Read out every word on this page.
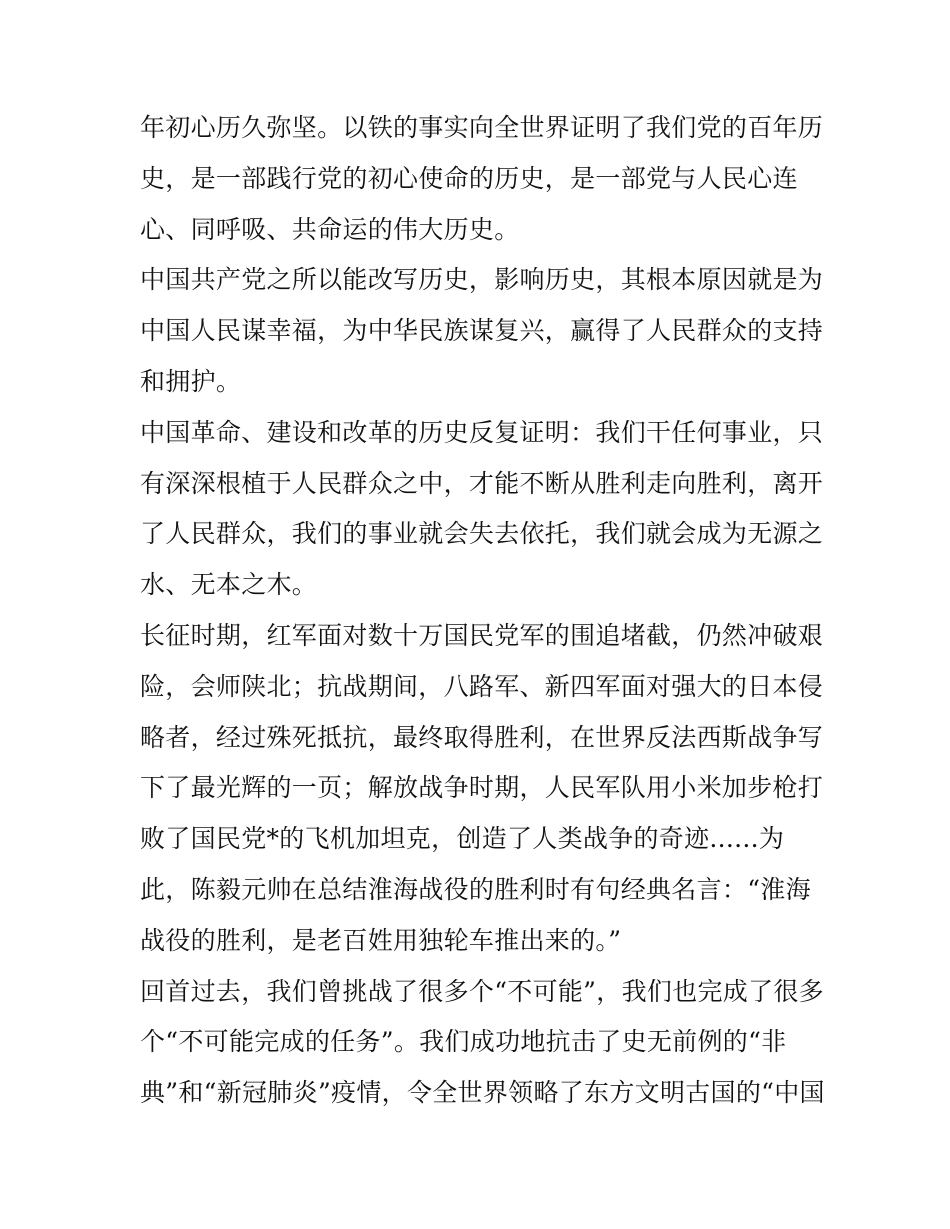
年初心历久弥坚。以铁的事实向全世界证明了我们党的百年历
史，是一部践行党的初心使命的历史，是一部党与人民心连
心、同呼吸、共命运的伟大历史。
中国共产党之所以能改写历史，影响历史，其根本原因就是为
中国人民谋幸福，为中华民族谋复兴，赢得了人民群众的支持
和拥护。
中国革命、建设和改革的历史反复证明：我们干任何事业，只
有深深根植于人民群众之中，才能不断从胜利走向胜利，离开
了人民群众，我们的事业就会失去依托，我们就会成为无源之
水、无本之木。
长征时期，红军面对数十万国民党军的围追堵截，仍然冲破艰
险，会师陕北；抗战期间，八路军、新四军面对强大的日本侵
略者，经过殊死抵抗，最终取得胜利，在世界反法西斯战争写
下了最光辉的一页；解放战争时期，人民军队用小米加步枪打
败了国民党*的飞机加坦克，创造了人类战争的奇迹......为
此，陈毅元帅在总结淮海战役的胜利时有句经典名言：“淮海
战役的胜利，是老百姓用独轮车推出来的。”
回首过去，我们曾挑战了很多个“不可能”，我们也完成了很多
个“不可能完成的任务”。我们成功地抗击了史无前例的“非
典”和“新冠肺炎”疫情，令全世界领略了东方文明古国的“中国
